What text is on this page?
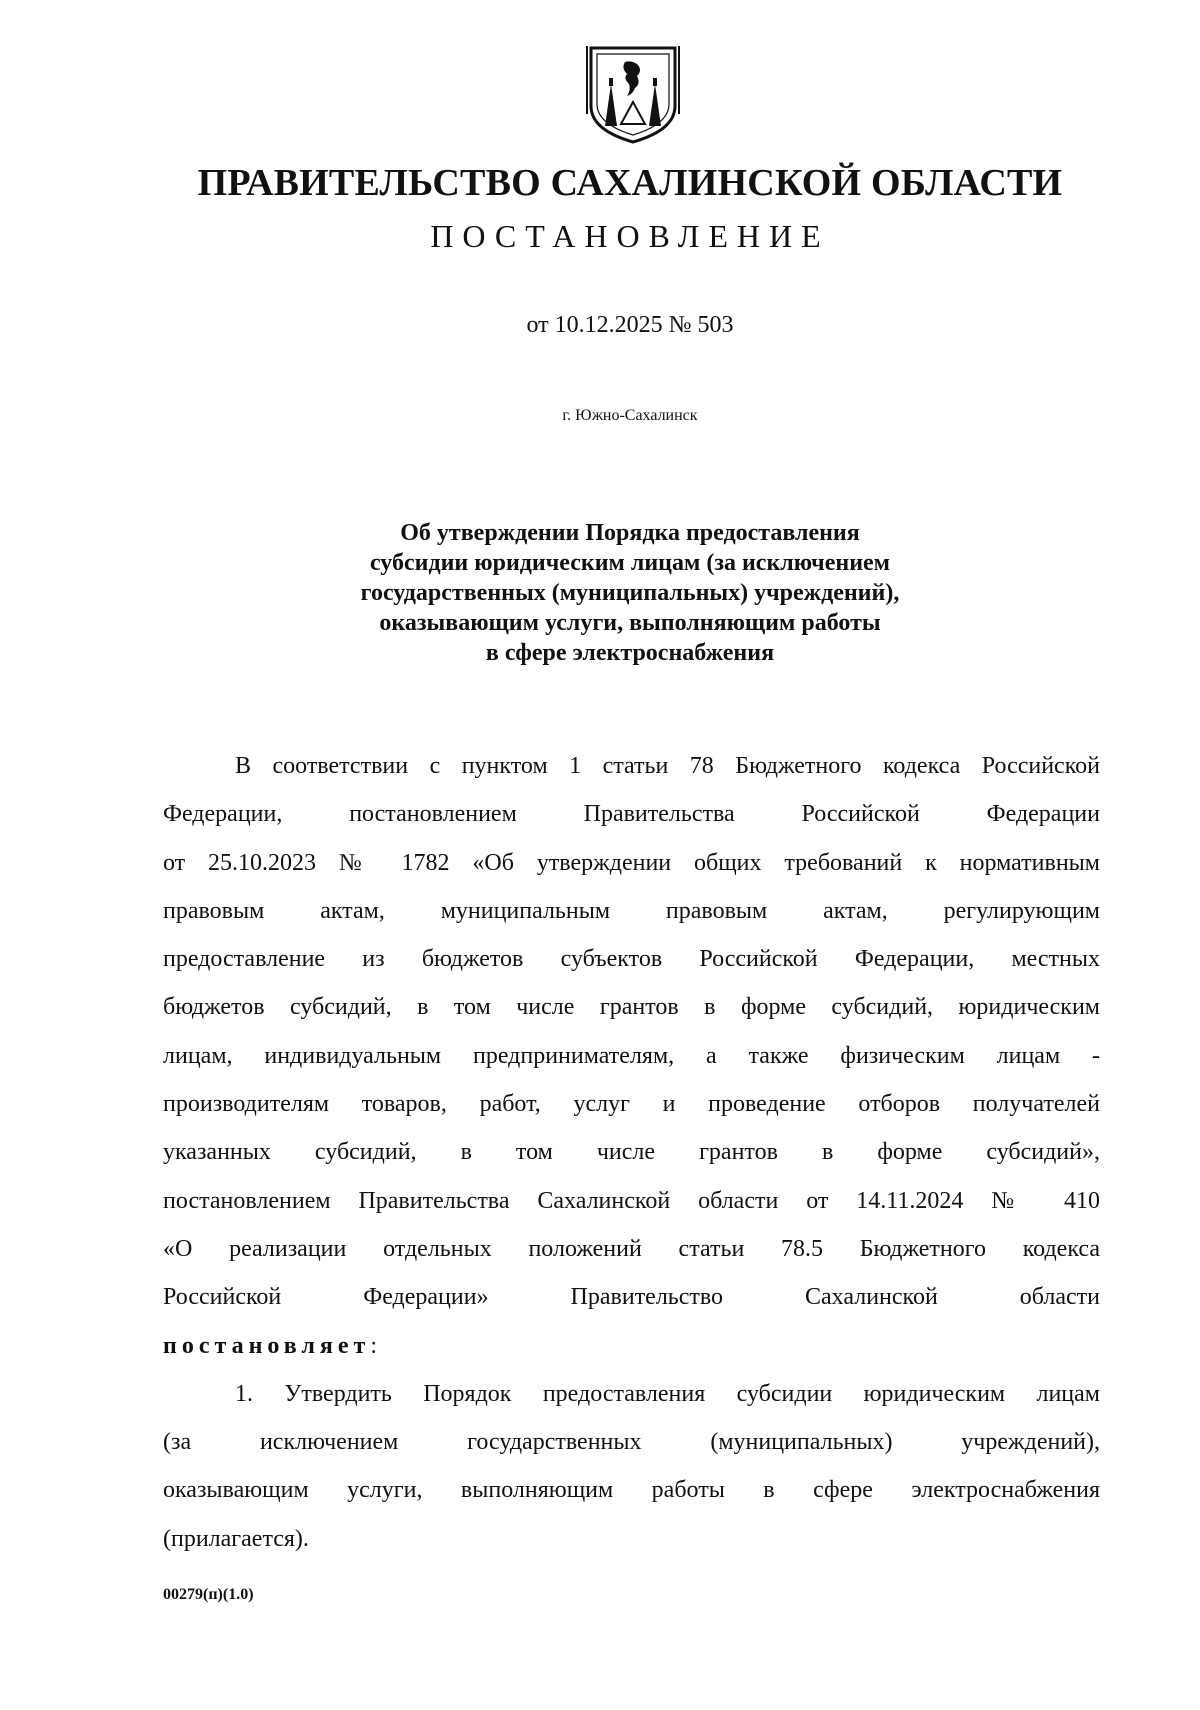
ПРАВИТЕЛЬСТВО САХАЛИНСКОЙ ОБЛАСТИ
ПОСТАНОВЛЕНИЕ
от 10.12.2025 № 503
г. Южно-Сахалинск
Об утверждении Порядка предоставления
субсидии юридическим лицам (за исключением
государственных (муниципальных) учреждений),
оказывающим услуги, выполняющим работы
в сфере электроснабжения
В соответствии с пунктом 1 статьи 78 Бюджетного кодекса Российской
Федерации, постановлением Правительства Российской Федерации
от 25.10.2023 № 1782 «Об утверждении общих требований к нормативным
правовым актам, муниципальным правовым актам, регулирующим
предоставление из бюджетов субъектов Российской Федерации, местных
бюджетов субсидий, в том числе грантов в форме субсидий, юридическим
лицам, индивидуальным предпринимателям, а также физическим лицам -
производителям товаров, работ, услуг и проведение отборов получателей
указанных субсидий, в том числе грантов в форме субсидий»,
постановлением Правительства Сахалинской области от 14.11.2024 № 410
«О реализации отдельных положений статьи 78.5 Бюджетного кодекса
Российской Федерации» Правительство Сахалинской области
постановляет:
1. Утвердить Порядок предоставления субсидии юридическим лицам
(за исключением государственных (муниципальных) учреждений),
оказывающим услуги, выполняющим работы в сфере электроснабжения
(прилагается).
00279(п)(1.0)
